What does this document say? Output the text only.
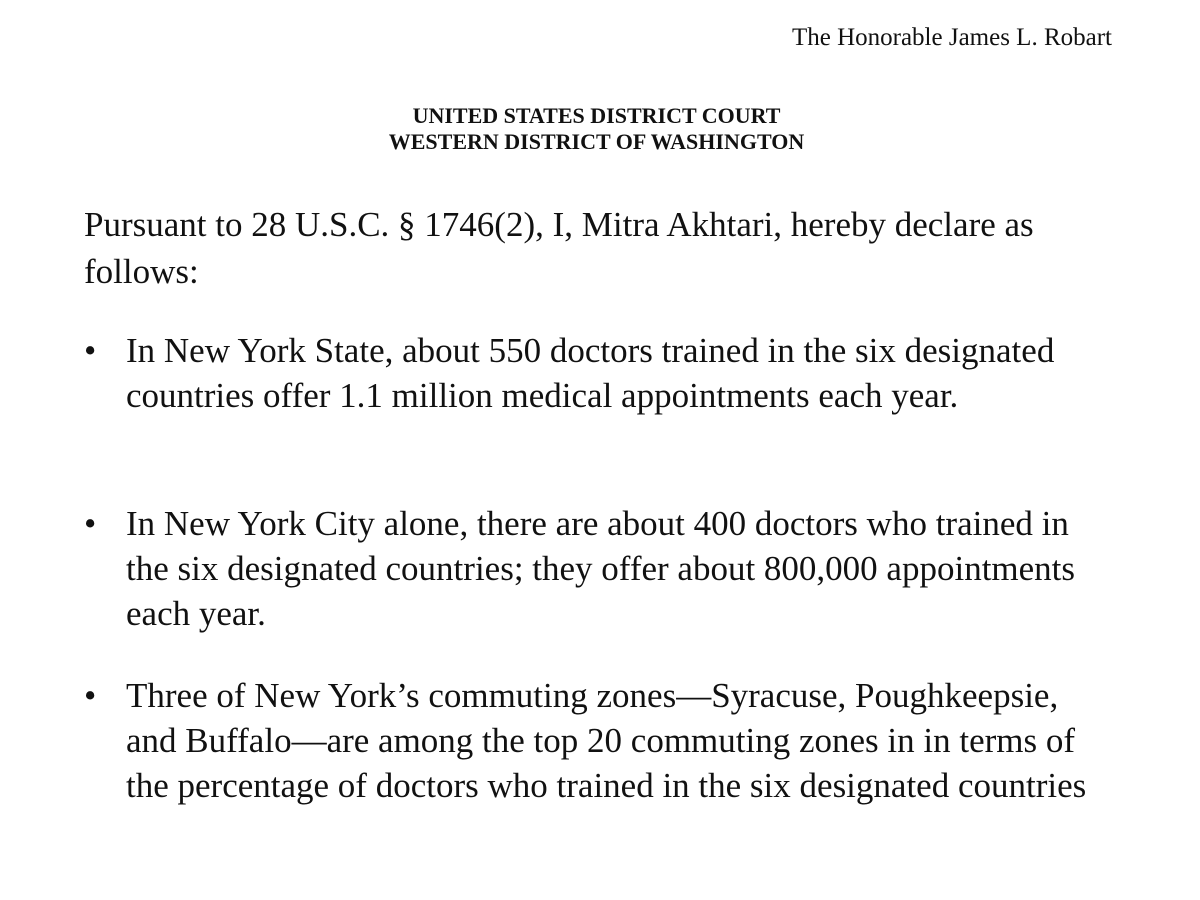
The Honorable James L. Robart
UNITED STATES DISTRICT COURT
WESTERN DISTRICT OF WASHINGTON
Pursuant to 28 U.S.C. § 1746(2), I, Mitra Akhtari, hereby declare as follows:
• In New York State, about 550 doctors trained in the six designated countries offer 1.1 million medical appointments each year.
• In New York City alone, there are about 400 doctors who trained in the six designated countries; they offer about 800,000 appointments each year.
• Three of New York’s commuting zones—Syracuse, Poughkeepsie, and Buffalo—are among the top 20 commuting zones in in terms of the percentage of doctors who trained in the six designated countries
